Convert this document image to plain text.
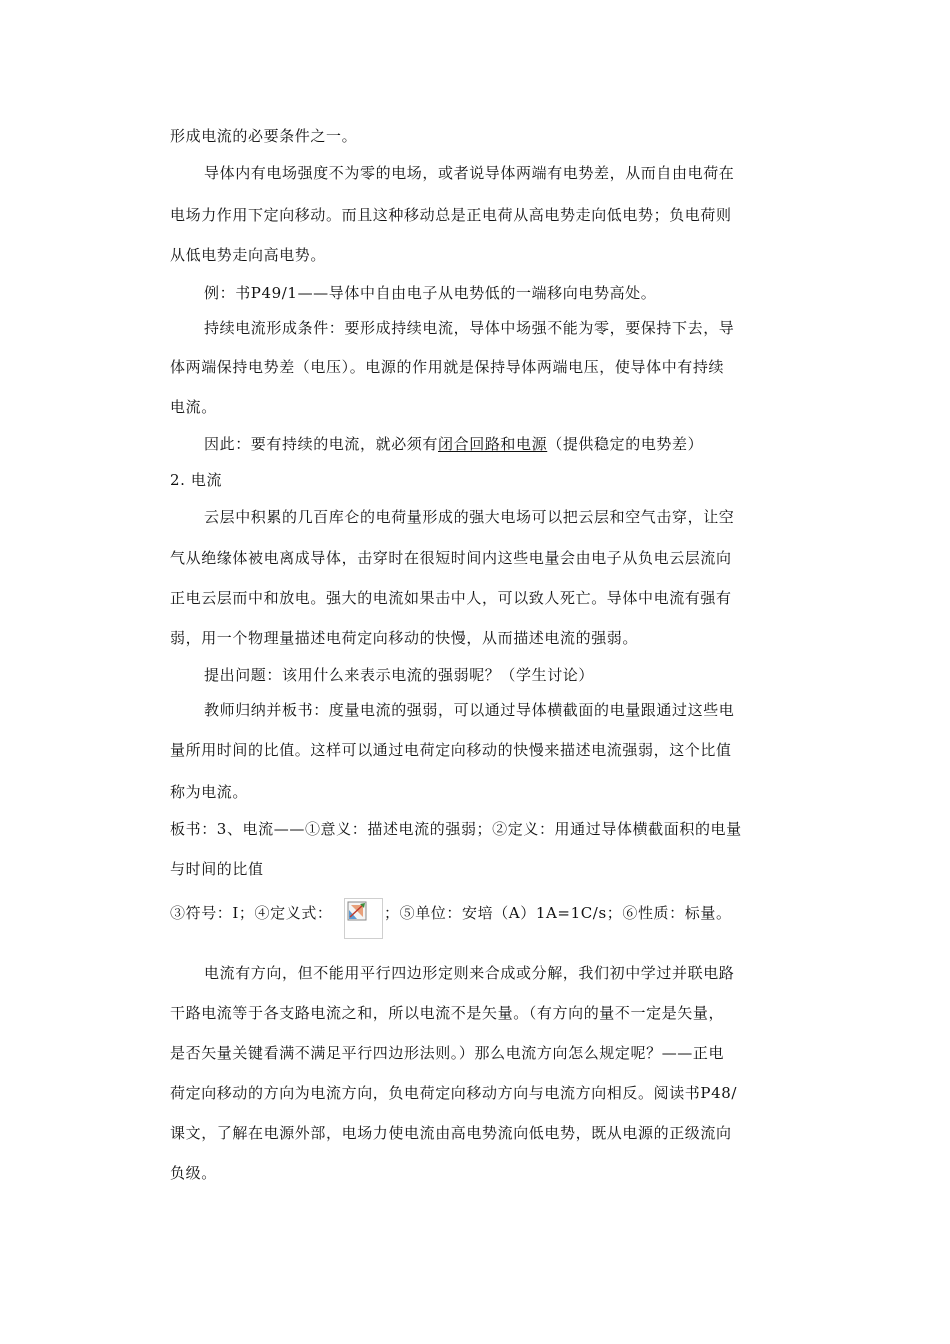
形成电流的必要条件之一。
导体内有电场强度不为零的电场，或者说导体两端有电势差，从而自由电荷在
电场力作用下定向移动。而且这种移动总是正电荷从高电势走向低电势；负电荷则
从低电势走向高电势。
例：书P49/1——导体中自由电子从电势低的一端移向电势高处。
持续电流形成条件：要形成持续电流，导体中场强不能为零，要保持下去，导
体两端保持电势差（电压）。电源的作用就是保持导体两端电压，使导体中有持续
电流。
因此：要有持续的电流，就必须有闭合回路和电源（提供稳定的电势差）
2. 电流
云层中积累的几百库仑的电荷量形成的强大电场可以把云层和空气击穿，让空
气从绝缘体被电离成导体，击穿时在很短时间内这些电量会由电子从负电云层流向
正电云层而中和放电。强大的电流如果击中人，可以致人死亡。导体中电流有强有
弱，用一个物理量描述电荷定向移动的快慢，从而描述电流的强弱。
提出问题：该用什么来表示电流的强弱呢？（学生讨论）
教师归纳并板书：度量电流的强弱，可以通过导体横截面的电量跟通过这些电
量所用时间的比值。这样可以通过电荷定向移动的快慢来描述电流强弱，这个比值
称为电流。
板书：3、电流——①意义：描述电流的强弱；②定义：用通过导体横截面积的电量
与时间的比值
③符号：I；④定义式：	；⑤单位：安培（A）1A=1C/s；⑥性质：标量。
电流有方向，但不能用平行四边形定则来合成或分解，我们初中学过并联电路
干路电流等于各支路电流之和，所以电流不是矢量。（有方向的量不一定是矢量，
是否矢量关键看满不满足平行四边形法则。）那么电流方向怎么规定呢？——正电
荷定向移动的方向为电流方向，负电荷定向移动方向与电流方向相反。阅读书P48/
课文，了解在电源外部，电场力使电流由高电势流向低电势，既从电源的正级流向
负级。
